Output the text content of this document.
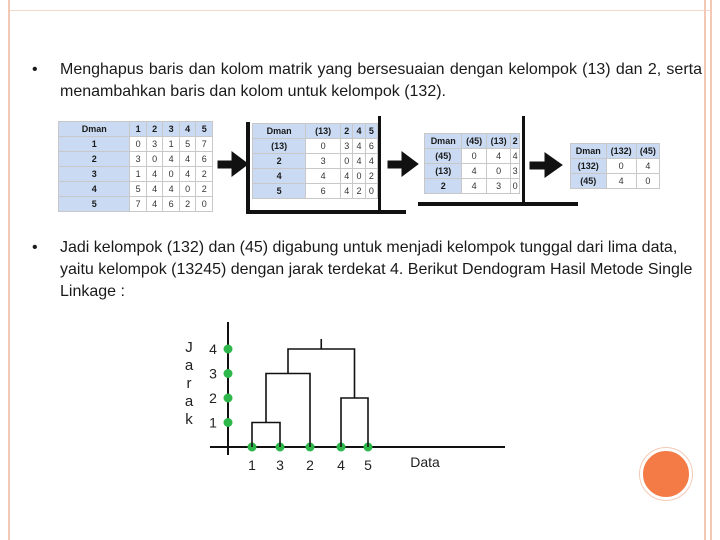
• Menghapus baris dan kolom matrik yang bersesuaian dengan kelompok (13) dan 2, serta menambahkan baris dan kolom untuk kelompok (132).
Dman	1	2	3	4	5
1	0	3	1	5	7
2	3	0	4	4	6
3	1	4	0	4	2
4	5	4	4	0	2
5	7	4	6	2	0
Dman	(13)	2	4	5
(13)	0	3	4	6
2	3	0	4	4
4	4	4	0	2
5	6	4	2	0
Dman	(45)	(13)	2
(45)	0	4	4
(13)	4	0	3
2	4	3	0
Dman	(132)	(45)
(132)	0	4
(45)	4	0
• Jadi kelompok (132) dan (45) digabung untuk menjadi kelompok tunggal dari lima data, yaitu kelompok (13245) dengan jarak terdekat 4. Berikut Dendogram Hasil Metode Single Linkage :
J
a
r
a
k 1
2
3
4
1 3 2 4 5	Data
